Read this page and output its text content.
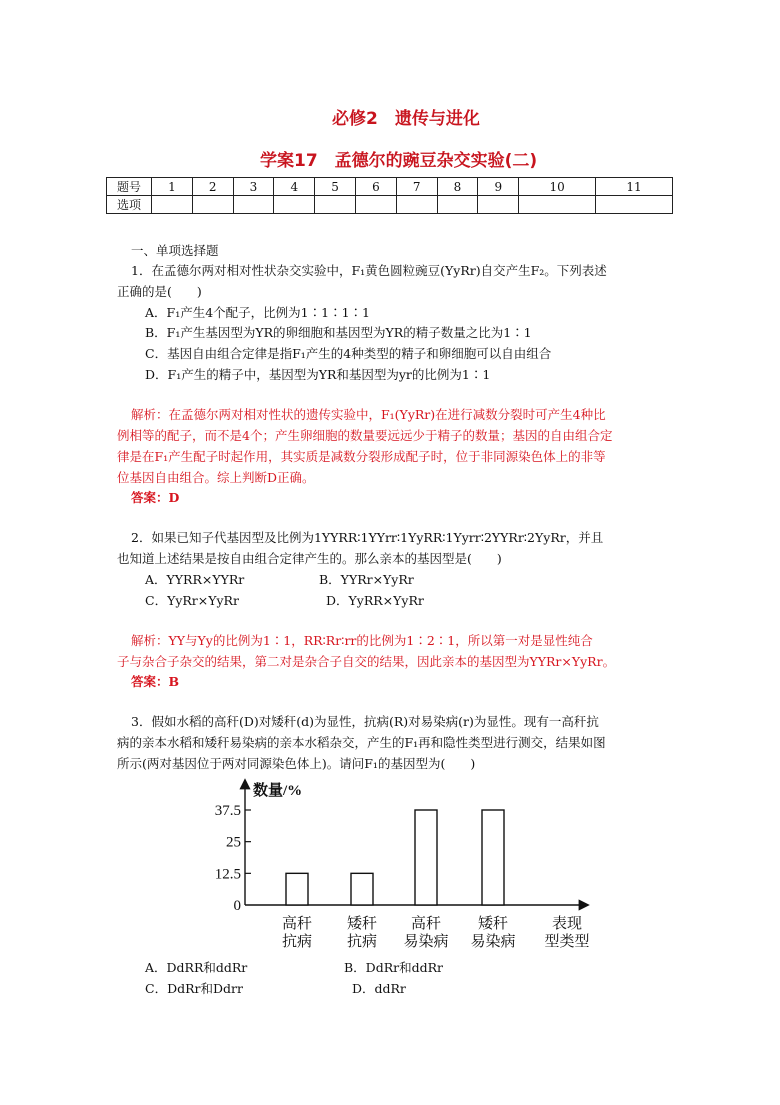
必修2　遗传与进化
学案17　孟德尔的豌豆杂交实验(二)
题号	1	2	3	4	5	6	7	8	9	10	11
选项											
一、单项选择题
1．在孟德尔两对相对性状杂交实验中，F₁黄色圆粒豌豆(YyRr)自交产生F₂。下列表述
正确的是(　　)
A．F₁产生4个配子，比例为1∶1∶1∶1
B．F₁产生基因型为YR的卵细胞和基因型为YR的精子数量之比为1∶1
C．基因自由组合定律是指F₁产生的4种类型的精子和卵细胞可以自由组合
D．F₁产生的精子中，基因型为YR和基因型为yr的比例为1∶1
解析：在孟德尔两对相对性状的遗传实验中，F₁(YyRr)在进行减数分裂时可产生4种比
例相等的配子，而不是4个；产生卵细胞的数量要远远少于精子的数量；基因的自由组合定
律是在F₁产生配子时起作用，其实质是减数分裂形成配子时，位于非同源染色体上的非等
位基因自由组合。综上判断D正确。
答案：D
2．如果已知子代基因型及比例为1YYRR∶1YYrr∶1YyRR∶1Yyrr∶2YYRr∶2YyRr，并且
也知道上述结果是按自由组合定律产生的。那么亲本的基因型是(　　)
A．YYRR×YYRr	B．YYRr×YyRr
C．YyRr×YyRr	D．YyRR×YyRr
解析：YY与Yy的比例为1∶1，RR∶Rr∶rr的比例为1∶2∶1，所以第一对是显性纯合
子与杂合子杂交的结果，第二对是杂合子自交的结果，因此亲本的基因型为YYRr×YyRr。
答案：B
3．假如水稻的高秆(D)对矮秆(d)为显性，抗病(R)对易染病(r)为显性。现有一高秆抗
病的亲本水稻和矮秆易染病的亲本水稻杂交，产生的F₁再和隐性类型进行测交，结果如图
所示(两对基因位于两对同源染色体上)。请问F₁的基因型为(　　)
数量/%
37.5
25
12.5
0
高秆
抗病
矮秆
抗病
高秆
易染病
矮秆
易染病
表现
型类型
A．DdRR和ddRr	B．DdRr和ddRr
C．DdRr和Ddrr	D．ddRr
